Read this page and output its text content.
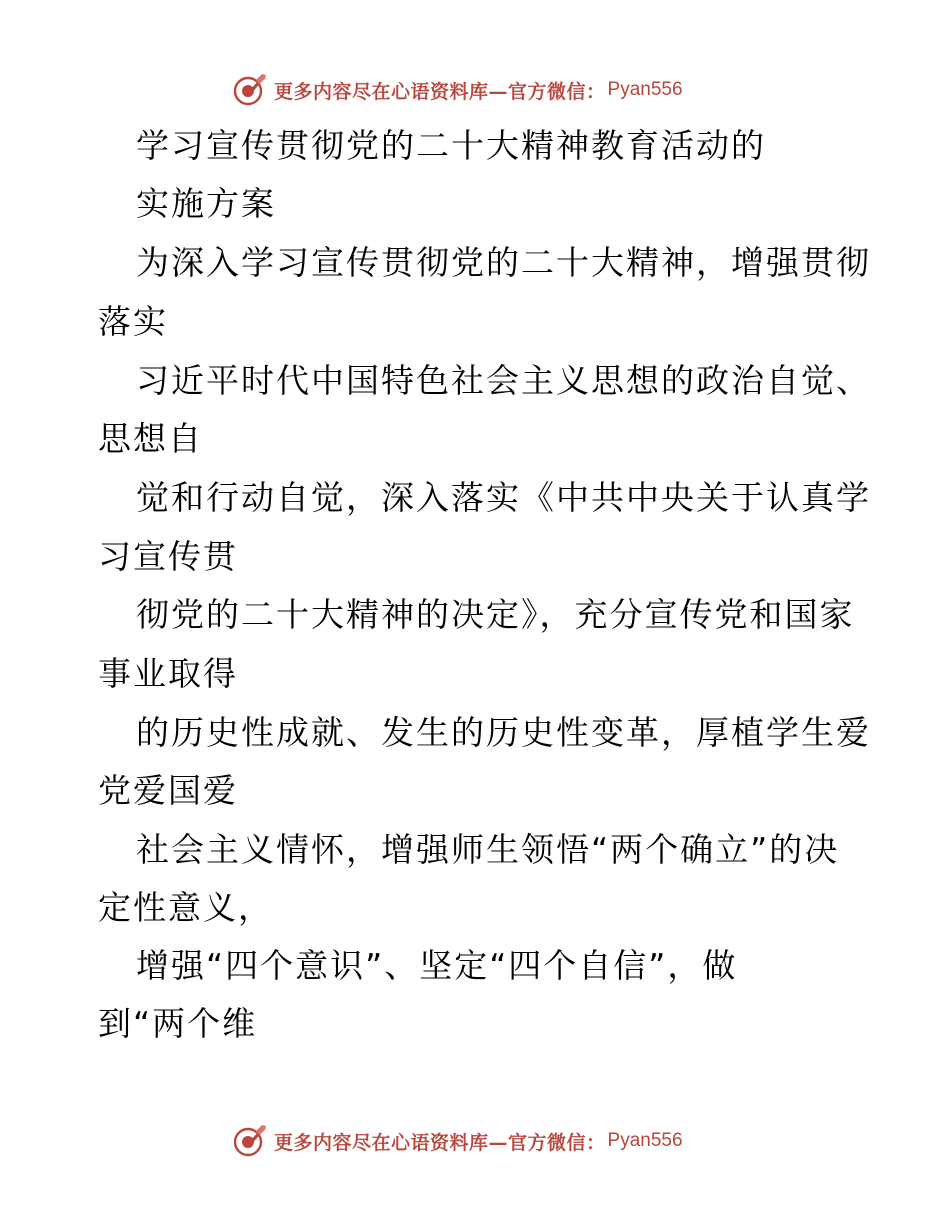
更多内容尽在心语资料库—官方微信： Pyan556
学习宣传贯彻党的二十大精神教育活动的
实施方案
为深入学习宣传贯彻党的二十大精神，增强贯彻
落实
习近平时代中国特色社会主义思想的政治自觉、
思想自
觉和行动自觉，深入落实《中共中央关于认真学
习宣传贯
彻党的二十大精神的决定》，充分宣传党和国家
事业取得
的历史性成就、发生的历史性变革，厚植学生爱
党爱国爱
社会主义情怀，增强师生领悟“两个确立”的决
定性意义，
增强“四个意识”、坚定“四个自信”，做
到“两个维
更多内容尽在心语资料库—官方微信： Pyan556
